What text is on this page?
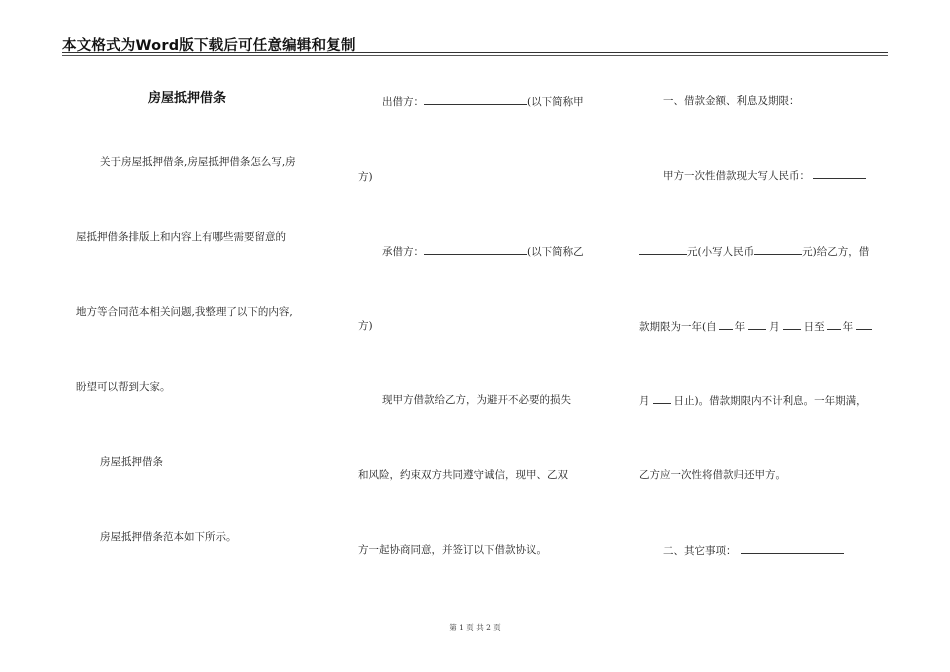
本文格式为Word版下载后可任意编辑和复制
房屋抵押借条
关于房屋抵押借条,房屋抵押借条怎么写,房
屋抵押借条排版上和内容上有哪些需要留意的
地方等合同范本相关问题,我整理了以下的内容,
盼望可以帮到大家。
房屋抵押借条
房屋抵押借条范本如下所示。
出借方：	(以下简称甲
方)
承借方：	(以下简称乙
方)
现甲方借款给乙方，为避开不必要的损失
和风险，约束双方共同遵守诚信，现甲、乙双
方一起协商同意，并签订以下借款协议。
一、借款金额、利息及期限：
甲方一次性借款现大写人民币：
元(小写人民币	元)给乙方，借
款期限为一年(自 年 月 日至 年
月 日止)。借款期限内不计利息。一年期满，
乙方应一次性将借款归还甲方。
二、其它事项：
第 1 页 共 2 页
